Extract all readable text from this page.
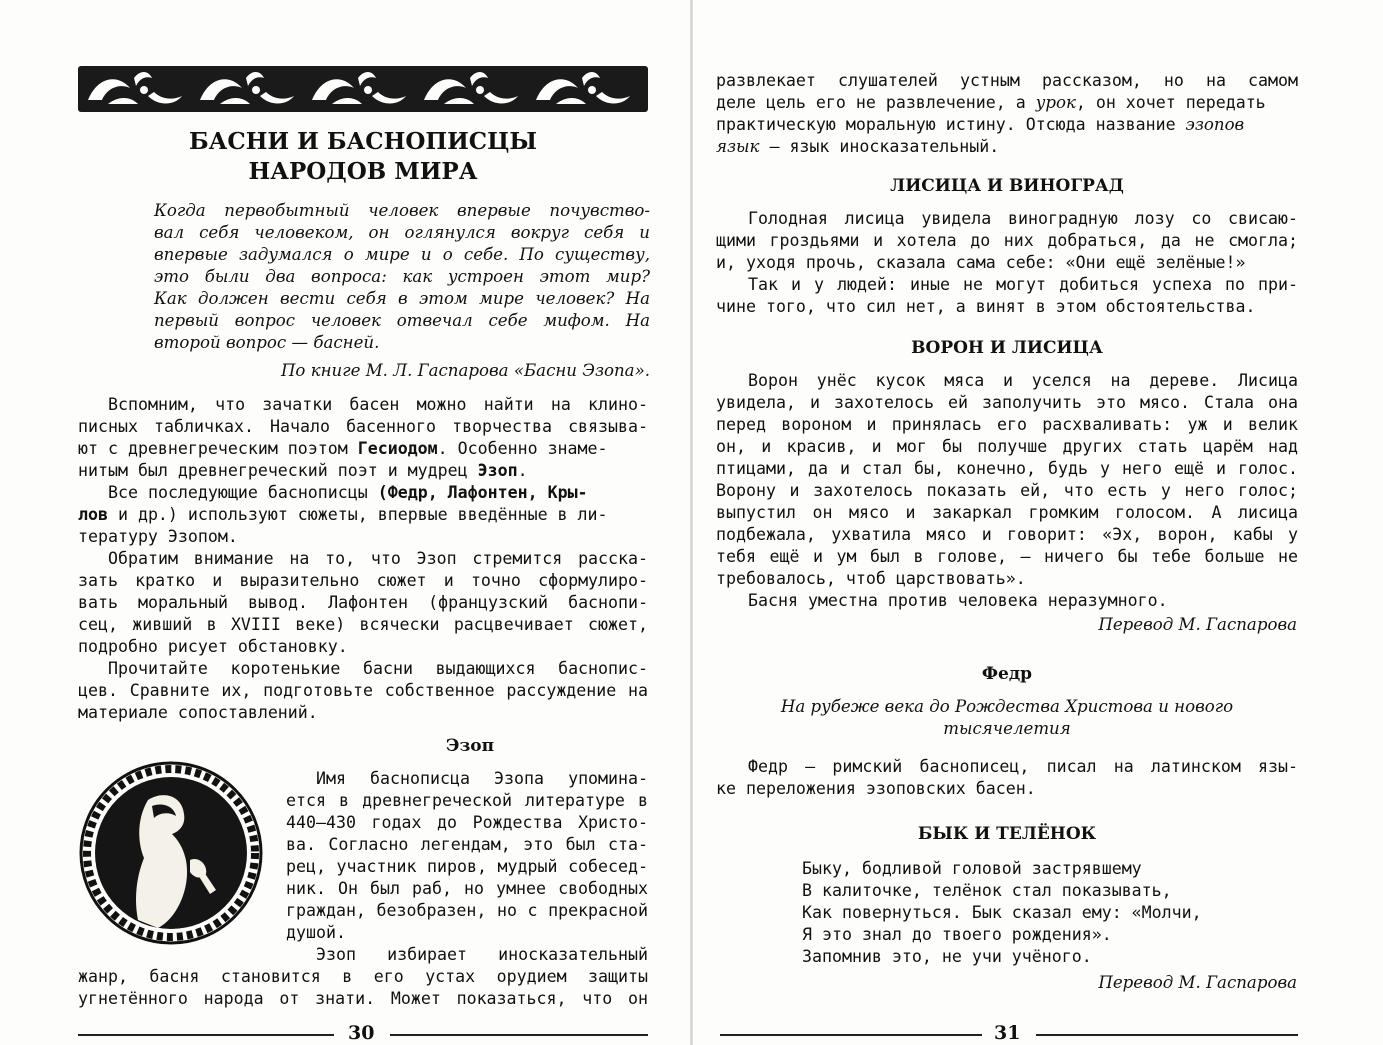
БАСНИ И БАСНОПИСЦЫ
НАРОДОВ МИРА
Когда первобытный человек впервые почувство-
вал себя человеком, он оглянулся вокруг себя и
впервые задумался о мире и о себе. По существу,
это были два вопроса: как устроен этот мир?
Как должен вести себя в этом мире человек? На
первый вопрос человек отвечал себе мифом. На
второй вопрос — басней.
По книге М. Л. Гаспарова «Басни Эзопа».
Вспомним, что зачатки басен можно найти на клино-
писных табличках. Начало басенного творчества связыва-
ют с древнегреческим поэтом Гесиодом. Особенно знаме-
нитым был древнегреческий поэт и мудрец Эзоп.
Все последующие баснописцы (Федр, Лафонтен, Кры-
лов и др.) используют сюжеты, впервые введённые в ли-
тературу Эзопом.
Обратим внимание на то, что Эзоп стремится расска-
зать кратко и выразительно сюжет и точно сформулиро-
вать моральный вывод. Лафонтен (французский баснопи-
сец, живший в XVIII веке) всячески расцвечивает сюжет,
подробно рисует обстановку.
Прочитайте коротенькие басни выдающихся баснопис-
цев. Сравните их, подготовьте собственное рассуждение на
материале сопоставлений.
Эзоп
Имя баснописца Эзопа упомина-
ется в древнегреческой литературе в
440—430 годах до Рождества Христо-
ва. Согласно легендам, это был ста-
рец, участник пиров, мудрый собесед-
ник. Он был раб, но умнее свободных
граждан, безобразен, но с прекрасной
душой.
Эзоп избирает иносказательный
жанр, басня становится в его устах орудием защиты
угнетённого народа от знати. Может показаться, что он
30
развлекает слушателей устным рассказом, но на самом
деле цель его не развлечение, а урок, он хочет передать
практическую моральную истину. Отсюда название эзопов
язык — язык иносказательный.
ЛИСИЦА И ВИНОГРАД
Голодная лисица увидела виноградную лозу со свисаю-
щими гроздьями и хотела до них добраться, да не смогла;
и, уходя прочь, сказала сама себе: «Они ещё зелёные!»
Так и у людей: иные не могут добиться успеха по при-
чине того, что сил нет, а винят в этом обстоятельства.
ВОРОН И ЛИСИЦА
Ворон унёс кусок мяса и уселся на дереве. Лисица
увидела, и захотелось ей заполучить это мясо. Стала она
перед вороном и принялась его расхваливать: уж и велик
он, и красив, и мог бы получше других стать царём над
птицами, да и стал бы, конечно, будь у него ещё и голос.
Ворону и захотелось показать ей, что есть у него голос;
выпустил он мясо и закаркал громким голосом. А лисица
подбежала, ухватила мясо и говорит: «Эх, ворон, кабы у
тебя ещё и ум был в голове, — ничего бы тебе больше не
требовалось, чтоб царствовать».
Басня уместна против человека неразумного.
Перевод М. Гаспарова
Федр
На рубеже века до Рождества Христова и нового
тысячелетия
Федр — римский баснописец, писал на латинском язы-
ке переложения эзоповских басен.
БЫК И ТЕЛЁНОК
Быку, бодливой головой застрявшему
В калиточке, телёнок стал показывать,
Как повернуться. Бык сказал ему: «Молчи,
Я это знал до твоего рождения».
Запомнив это, не учи учёного.
Перевод М. Гаспарова
31
